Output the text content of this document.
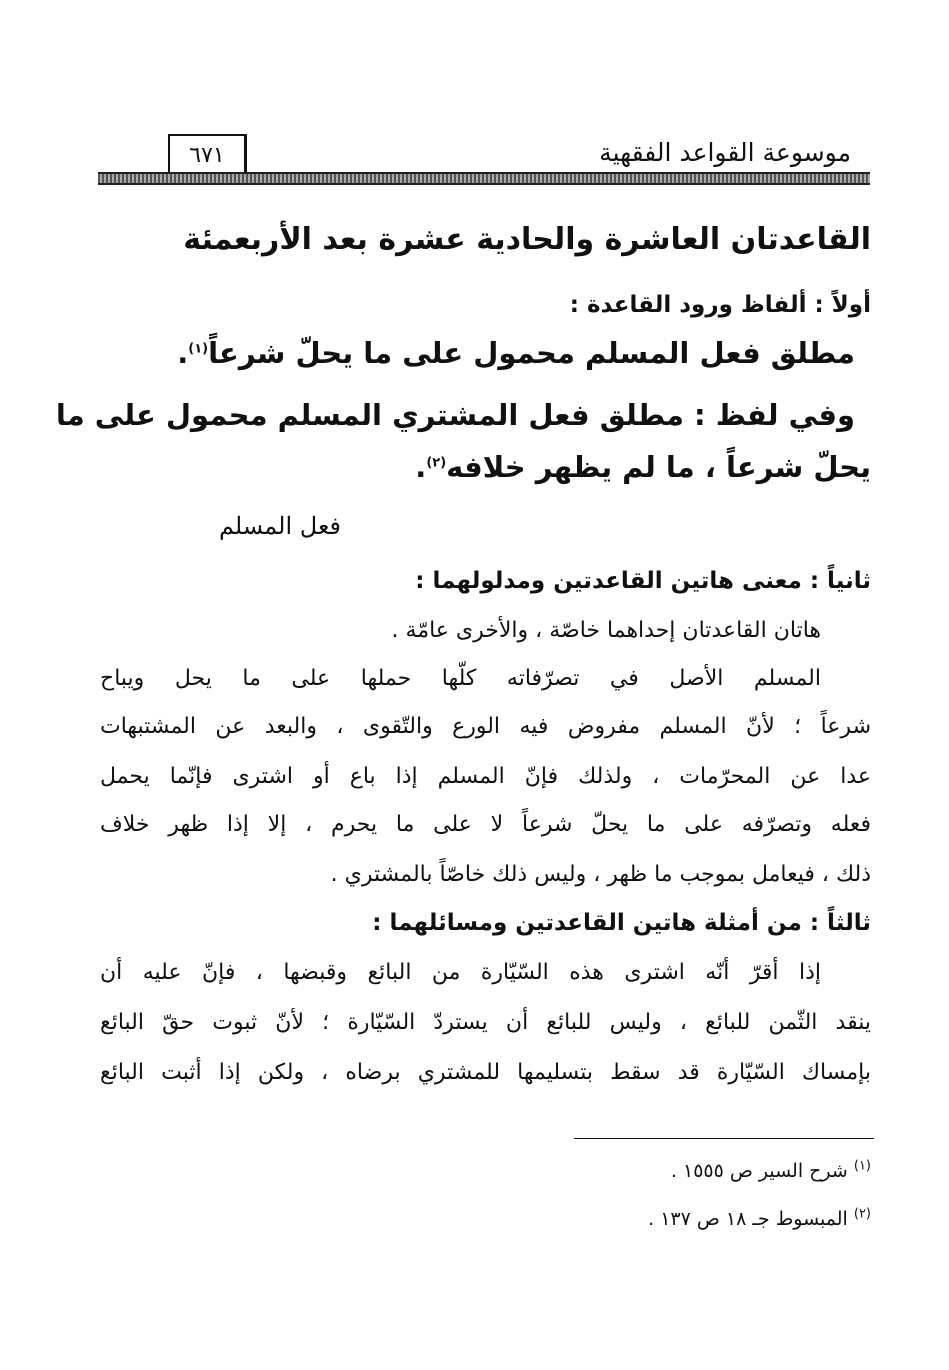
موسوعة القواعد الفقهية
٦٧١
القاعدتان العاشرة والحادية عشرة بعد الأربعمئة
أولاً : ألفاظ ورود القاعدة :
مطلق فعل المسلم محمول على ما يحلّ شرعاً$^{(١)}$.
وفي لفظ : مطلق فعل المشتري المسلم محمول على ما
يحلّ شرعاً ، ما لم يظهر خلافه$^{(٢)}$.
فعل المسلم
ثانياً : معنى هاتين القاعدتين ومدلولهما :
هاتان القاعدتان إحداهما خاصّة ، والأخرى عامّة .
المسلم الأصل في تصرّفاته كلّها حملها على ما يحل ويباح
شرعاً ؛ لأنّ المسلم مفروض فيه الورع والتّقوى ، والبعد عن المشتبهات
عدا عن المحرّمات ، ولذلك فإنّ المسلم إذا باع أو اشترى فإنّما يحمل
فعله وتصرّفه على ما يحلّ شرعاً لا على ما يحرم ، إلا إذا ظهر خلاف
ذلك ، فيعامل بموجب ما ظهر ، وليس ذلك خاصّاً بالمشتري .
ثالثاً : من أمثلة هاتين القاعدتين ومسائلهما :
إذا أقرّ أنّه اشترى هذه السّيّارة من البائع وقبضها ، فإنّ عليه أن
ينقد الثّمن للبائع ، وليس للبائع أن يستردّ السّيّارة ؛ لأنّ ثبوت حقّ البائع
بإمساك السّيّارة قد سقط بتسليمها للمشتري برضاه ، ولكن إذا أثبت البائع
$^{(١)}$ شرح السير ص ١٥٥٥ .
$^{(٢)}$ المبسوط جـ ١٨ ص ١٣٧ .
